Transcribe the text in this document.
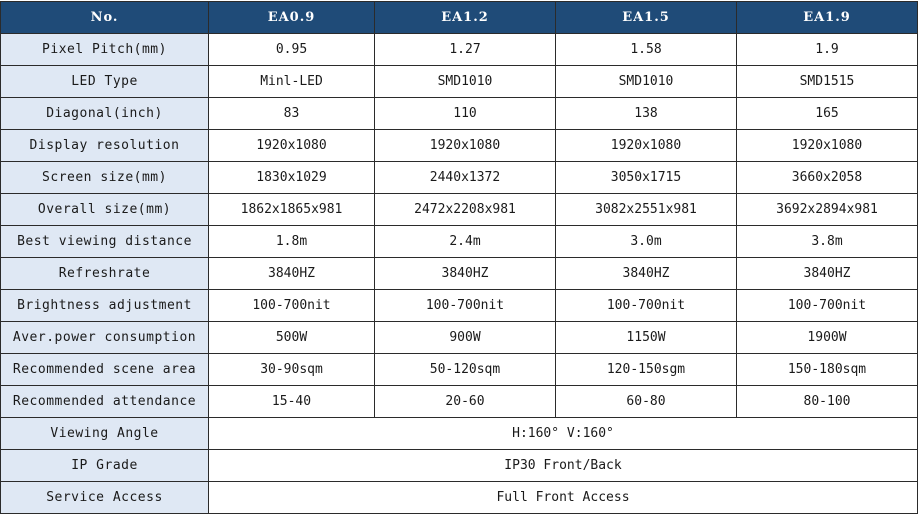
No.	EA0.9	EA1.2	EA1.5	EA1.9
Pixel Pitch(mm)	0.95	1.27	1.58	1.9
LED Type	Minl-LED	SMD1010	SMD1010	SMD1515
Diagonal(inch)	83	110	138	165
Display resolution	1920x1080	1920x1080	1920x1080	1920x1080
Screen size(mm)	1830x1029	2440x1372	3050x1715	3660x2058
Overall size(mm)	1862x1865x981	2472x2208x981	3082x2551x981	3692x2894x981
Best viewing distance	1.8m	2.4m	3.0m	3.8m
Refreshrate	3840HZ	3840HZ	3840HZ	3840HZ
Brightness adjustment	100-700nit	100-700nit	100-700nit	100-700nit
Aver.power consumption	500W	900W	1150W	1900W
Recommended scene area	30-90sqm	50-120sqm	120-150sgm	150-180sqm
Recommended attendance	15-40	20-60	60-80	80-100
Viewing Angle	H:160° V:160°			
IP Grade	IP30 Front/Back			
Service Access	Full Front Access			
